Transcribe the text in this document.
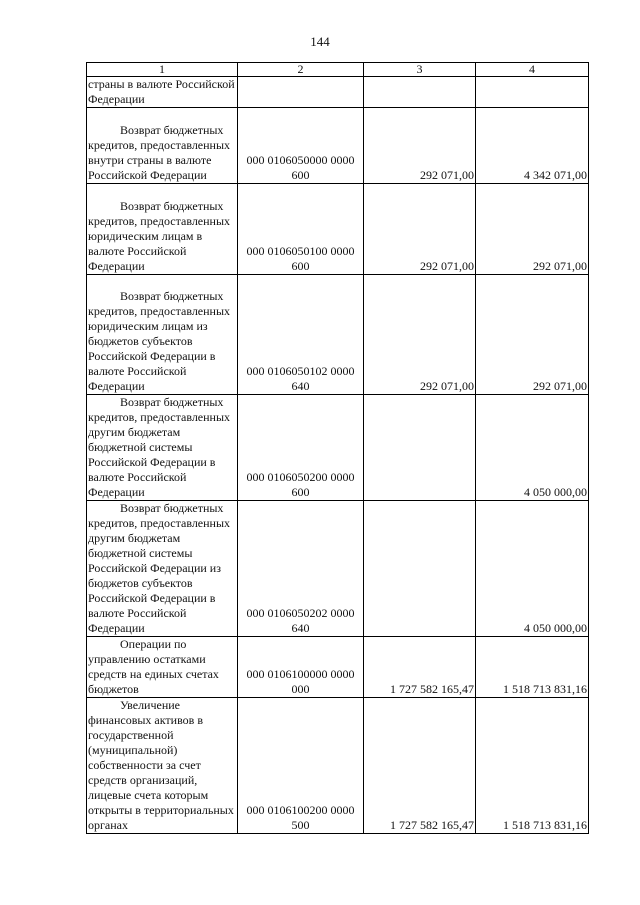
144
1	2	3	4
страны в валюте Российской Федерации			

Возврат бюджетных кредитов, предоставленных внутри страны в валюте Российской Федерации	000 0106050000 0000 600	292 071,00	4 342 071,00

Возврат бюджетных кредитов, предоставленных юридическим лицам в валюте Российской Федерации	000 0106050100 0000 600	292 071,00	292 071,00

Возврат бюджетных кредитов, предоставленных юридическим лицам из бюджетов субъектов Российской Федерации в валюте Российской Федерации	000 0106050102 0000 640	292 071,00	292 071,00

Возврат бюджетных кредитов, предоставленных другим бюджетам бюджетной системы Российской Федерации в валюте Российской Федерации	000 0106050200 0000 600		4 050 000,00

Возврат бюджетных кредитов, предоставленных другим бюджетам бюджетной системы Российской Федерации из бюджетов субъектов Российской Федерации в валюте Российской Федерации	000 0106050202 0000 640		4 050 000,00

Операции по управлению остатками средств на единых счетах бюджетов	000 0106100000 0000 000	1 727 582 165,47	1 518 713 831,16

Увеличение финансовых активов в государственной (муниципальной) собственности за счет средств организаций, лицевые счета которым открыты в территориальных органах	000 0106100200 0000 500	1 727 582 165,47	1 518 713 831,16
